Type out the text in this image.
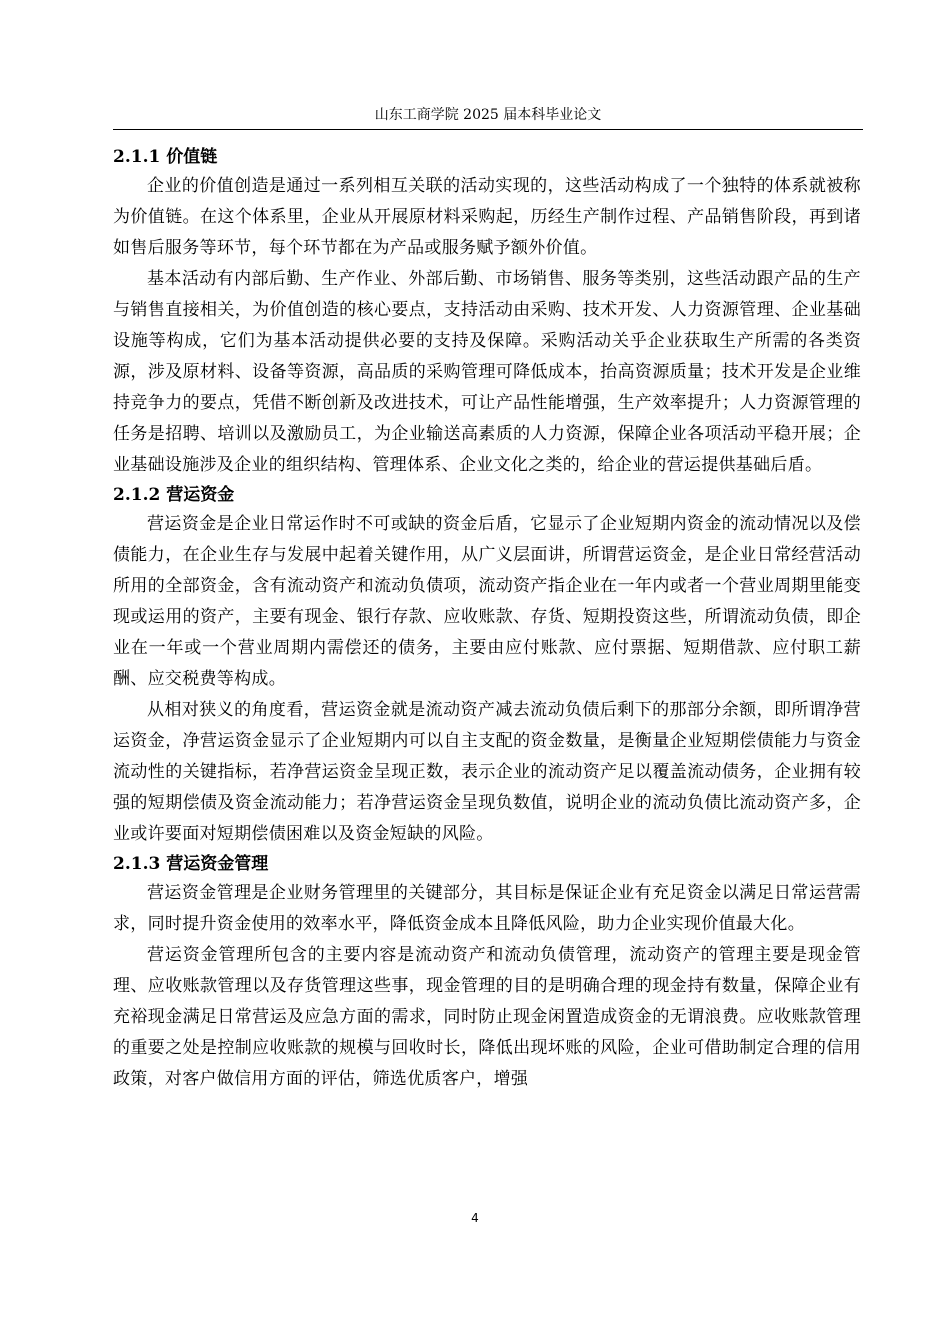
山东工商学院 2025 届本科毕业论文
2.1.1 价值链

企业的价值创造是通过一系列相互关联的活动实现的，这些活动构成了一个独特的体系就被称为价值链。在这个体系里，企业从开展原材料采购起，历经生产制作过程、产品销售阶段，再到诸如售后服务等环节，每个环节都在为产品或服务赋予额外价值。

基本活动有内部后勤、生产作业、外部后勤、市场销售、服务等类别，这些活动跟产品的生产与销售直接相关，为价值创造的核心要点，支持活动由采购、技术开发、人力资源管理、企业基础设施等构成，它们为基本活动提供必要的支持及保障。采购活动关乎企业获取生产所需的各类资源，涉及原材料、设备等资源，高品质的采购管理可降低成本，抬高资源质量；技术开发是企业维持竞争力的要点，凭借不断创新及改进技术，可让产品性能增强，生产效率提升；人力资源管理的任务是招聘、培训以及激励员工，为企业输送高素质的人力资源，保障企业各项活动平稳开展；企业基础设施涉及企业的组织结构、管理体系、企业文化之类的，给企业的营运提供基础后盾。

2.1.2 营运资金

营运资金是企业日常运作时不可或缺的资金后盾，它显示了企业短期内资金的流动情况以及偿债能力，在企业生存与发展中起着关键作用，从广义层面讲，所谓营运资金，是企业日常经营活动所用的全部资金，含有流动资产和流动负债项，流动资产指企业在一年内或者一个营业周期里能变现或运用的资产，主要有现金、银行存款、应收账款、存货、短期投资这些，所谓流动负债，即企业在一年或一个营业周期内需偿还的债务，主要由应付账款、应付票据、短期借款、应付职工薪酬、应交税费等构成。

从相对狭义的角度看，营运资金就是流动资产减去流动负债后剩下的那部分余额，即所谓净营运资金，净营运资金显示了企业短期内可以自主支配的资金数量，是衡量企业短期偿债能力与资金流动性的关键指标，若净营运资金呈现正数，表示企业的流动资产足以覆盖流动债务，企业拥有较强的短期偿债及资金流动能力；若净营运资金呈现负数值，说明企业的流动负债比流动资产多，企业或许要面对短期偿债困难以及资金短缺的风险。

2.1.3 营运资金管理

营运资金管理是企业财务管理里的关键部分，其目标是保证企业有充足资金以满足日常运营需求，同时提升资金使用的效率水平，降低资金成本且降低风险，助力企业实现价值最大化。

营运资金管理所包含的主要内容是流动资产和流动负债管理，流动资产的管理主要是现金管理、应收账款管理以及存货管理这些事，现金管理的目的是明确合理的现金持有数量，保障企业有充裕现金满足日常营运及应急方面的需求，同时防止现金闲置造成资金的无谓浪费。应收账款管理的重要之处是控制应收账款的规模与回收时长，降低出现坏账的风险，企业可借助制定合理的信用政策，对客户做信用方面的评估，筛选优质客户，增强

4
